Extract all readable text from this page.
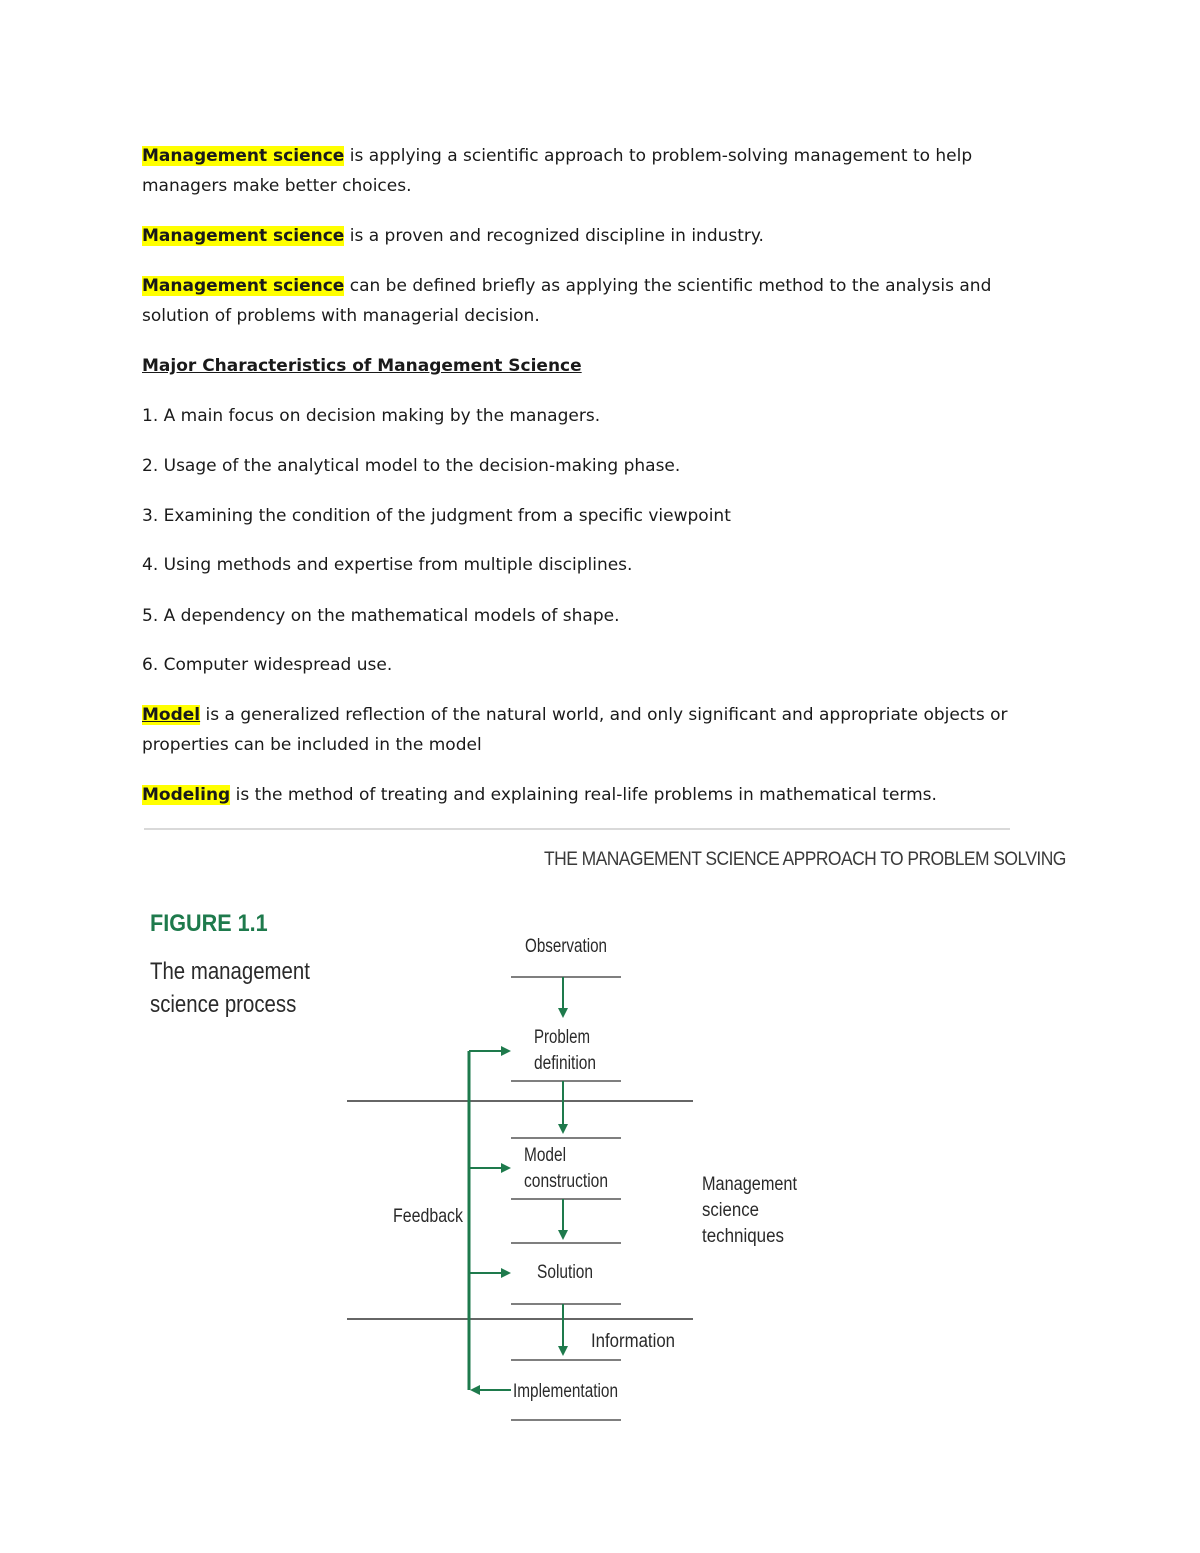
Management science is applying a scientific approach to problem-solving management to help
managers make better choices.

Management science is a proven and recognized discipline in industry.

Management science can be defined briefly as applying the scientific method to the analysis and
solution of problems with managerial decision.

Major Characteristics of Management Science

1. A main focus on decision making by the managers.

2. Usage of the analytical model to the decision-making phase.

3. Examining the condition of the judgment from a specific viewpoint

4. Using methods and expertise from multiple disciplines.

5. A dependency on the mathematical models of shape.

6. Computer widespread use.

Model is a generalized reflection of the natural world, and only significant and appropriate objects or
properties can be included in the model

Modeling is the method of treating and explaining real-life problems in mathematical terms.

THE MANAGEMENT SCIENCE APPROACH TO PROBLEM SOLVING
FIGURE 1.1
The management
science process
Observation
Problem
definition
Model
construction
Solution
Information
Implementation
Feedback
Management
science
techniques
